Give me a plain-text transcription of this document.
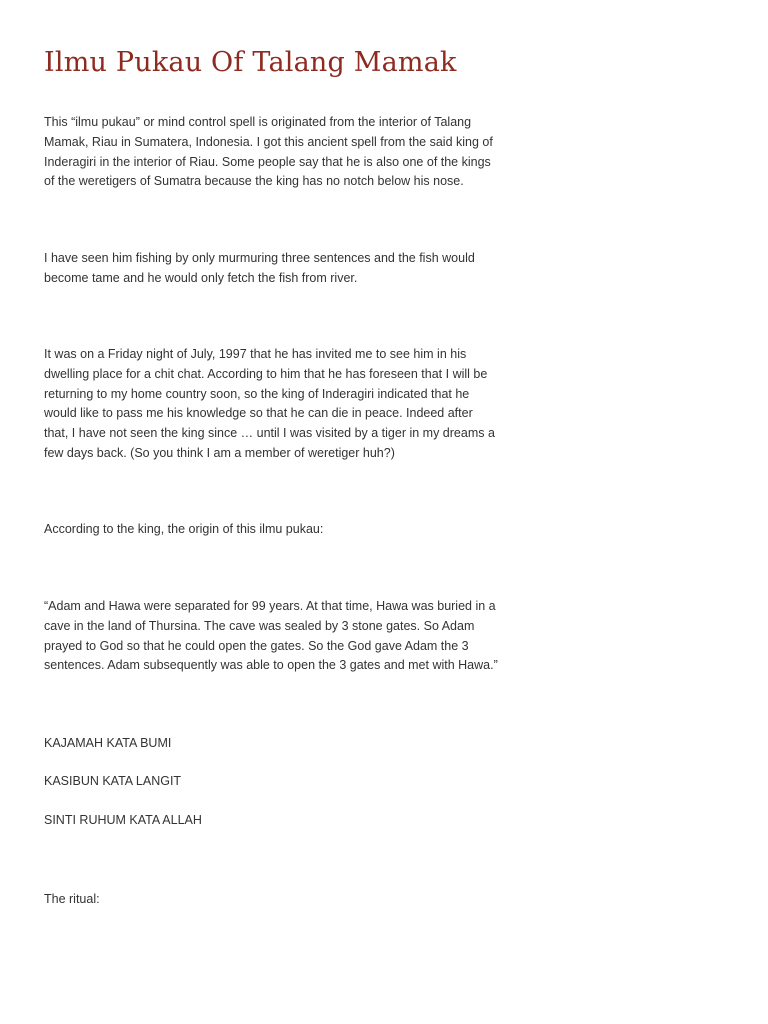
Ilmu Pukau Of Talang Mamak

This “ilmu pukau” or mind control spell is originated from the interior of Talang
Mamak, Riau in Sumatera, Indonesia. I got this ancient spell from the said king of
Inderagiri in the interior of Riau. Some people say that he is also one of the kings
of the weretigers of Sumatra because the king has no notch below his nose.

I have seen him fishing by only murmuring three sentences and the fish would
become tame and he would only fetch the fish from river.

It was on a Friday night of July, 1997 that he has invited me to see him in his
dwelling place for a chit chat. According to him that he has foreseen that I will be
returning to my home country soon, so the king of Inderagiri indicated that he
would like to pass me his knowledge so that he can die in peace. Indeed after
that, I have not seen the king since … until I was visited by a tiger in my dreams a
few days back. (So you think I am a member of weretiger huh?)

According to the king, the origin of this ilmu pukau:

“Adam and Hawa were separated for 99 years. At that time, Hawa was buried in a
cave in the land of Thursina. The cave was sealed by 3 stone gates. So Adam
prayed to God so that he could open the gates. So the God gave Adam the 3
sentences. Adam subsequently was able to open the 3 gates and met with Hawa.”

KAJAMAH KATA BUMI

KASIBUN KATA LANGIT

SINTI RUHUM KATA ALLAH

The ritual:
